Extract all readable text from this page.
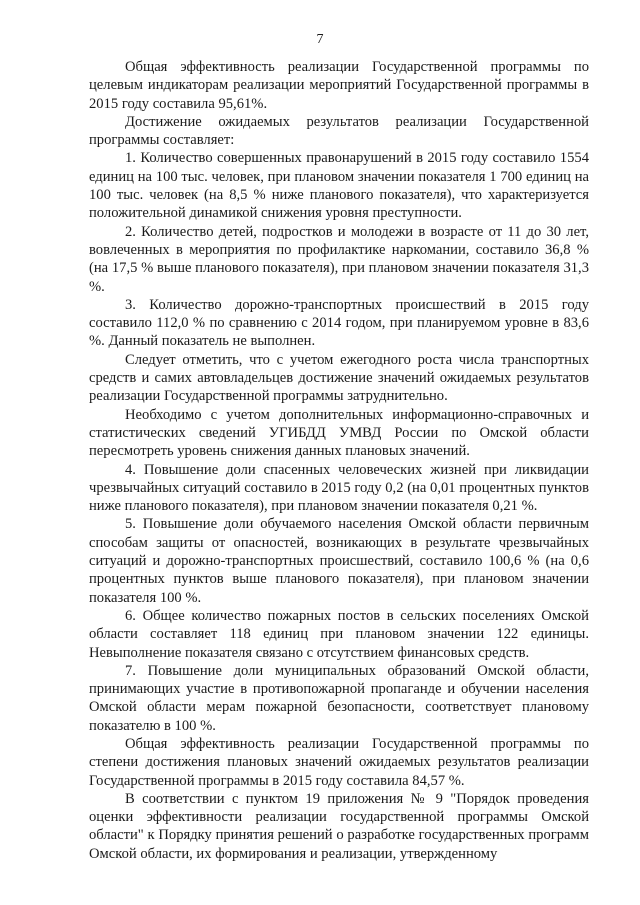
7

Общая эффективность реализации Государственной программы по целевым индикаторам реализации мероприятий Государственной программы в 2015 году составила 95,61%.

Достижение ожидаемых результатов реализации Государственной программы составляет:

1. Количество совершенных правонарушений в 2015 году составило 1554 единиц на 100 тыс. человек, при плановом значении показателя 1 700 единиц на 100 тыс. человек (на 8,5 % ниже планового показателя), что характеризуется положительной динамикой снижения уровня преступности.

2. Количество детей, подростков и молодежи в возрасте от 11 до 30 лет, вовлеченных в мероприятия по профилактике наркомании, составило 36,8 % (на 17,5 % выше планового показателя), при плановом значении показателя 31,3 %.

3. Количество дорожно-транспортных происшествий в 2015 году составило 112,0 % по сравнению с 2014 годом, при планируемом уровне в 83,6 %. Данный показатель не выполнен.

Следует отметить, что с учетом ежегодного роста числа транспортных средств и самих автовладельцев достижение значений ожидаемых результатов реализации Государственной программы затруднительно.

Необходимо с учетом дополнительных информационно-справочных и статистических сведений УГИБДД УМВД России по Омской области пересмотреть уровень снижения данных плановых значений.

4. Повышение доли спасенных человеческих жизней при ликвидации чрезвычайных ситуаций составило в 2015 году 0,2 (на 0,01 процентных пунктов ниже планового показателя), при плановом значении показателя 0,21 %.

5. Повышение доли обучаемого населения Омской области первичным способам защиты от опасностей, возникающих в результате чрезвычайных ситуаций и дорожно-транспортных происшествий, составило 100,6 % (на 0,6 процентных пунктов выше планового показателя), при плановом значении показателя 100 %.

6. Общее количество пожарных постов в сельских поселениях Омской области составляет 118 единиц при плановом значении 122 единицы. Невыполнение показателя связано с отсутствием финансовых средств.

7. Повышение доли муниципальных образований Омской области, принимающих участие в противопожарной пропаганде и обучении населения Омской области мерам пожарной безопасности, соответствует плановому показателю в 100 %.

Общая эффективность реализации Государственной программы по степени достижения плановых значений ожидаемых результатов реализации Государственной программы в 2015 году составила 84,57 %.

В соответствии с пунктом 19 приложения № 9 "Порядок проведения оценки эффективности реализации государственной программы Омской области" к Порядку принятия решений о разработке государственных программ Омской области, их формирования и реализации, утвержденному
